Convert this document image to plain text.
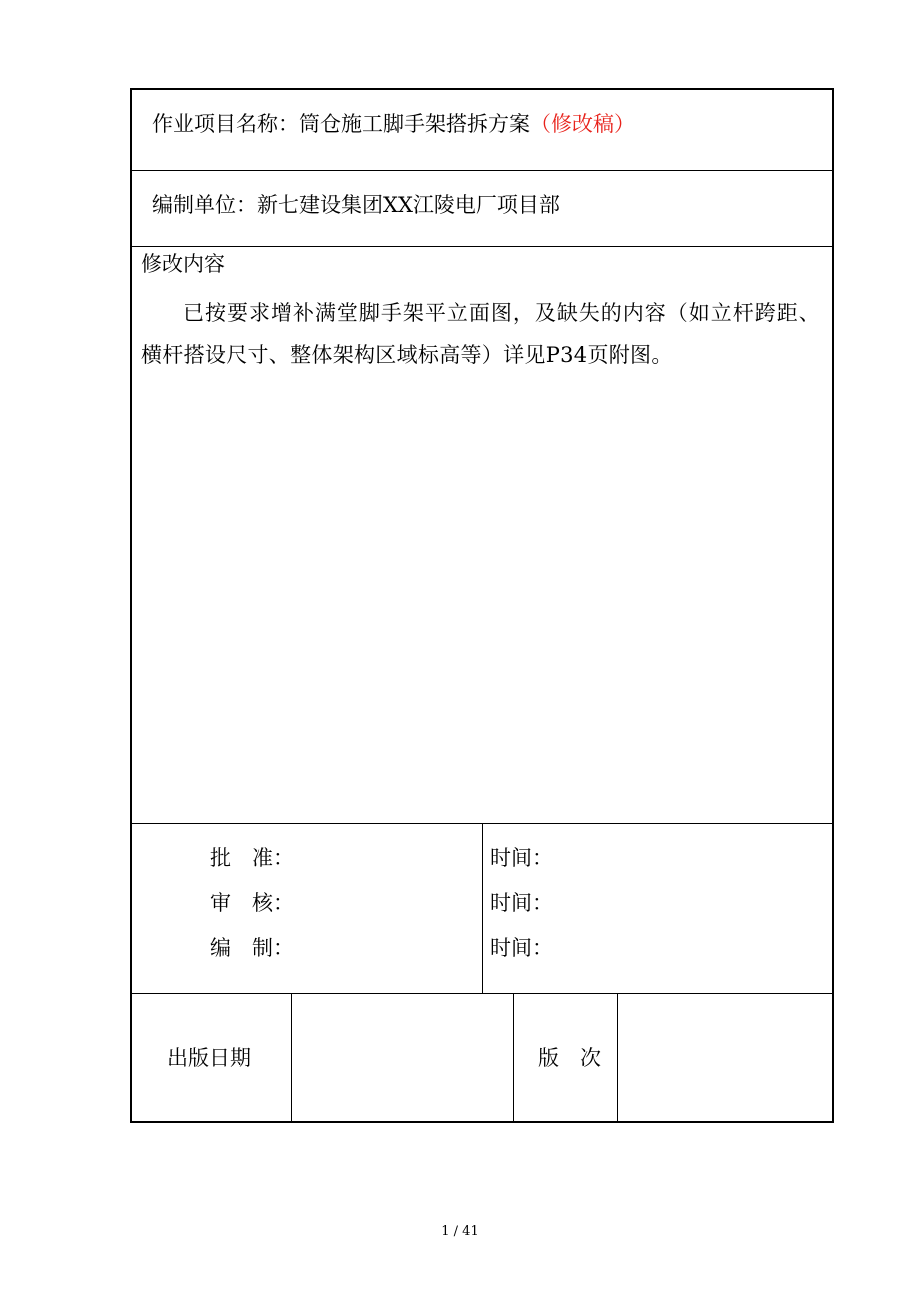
作业项目名称：筒仓施工脚手架搭拆方案（修改稿）
编制单位：新七建设集团XX江陵电厂项目部
修改内容
已按要求增补满堂脚手架平立面图，及缺失的内容（如立杆跨距、横杆搭设尺寸、整体架构区域标高等）详见P34页附图。
批　准：	时间：
审　核：	时间：
编　制：	时间：
出版日期	版　次
1 / 41
